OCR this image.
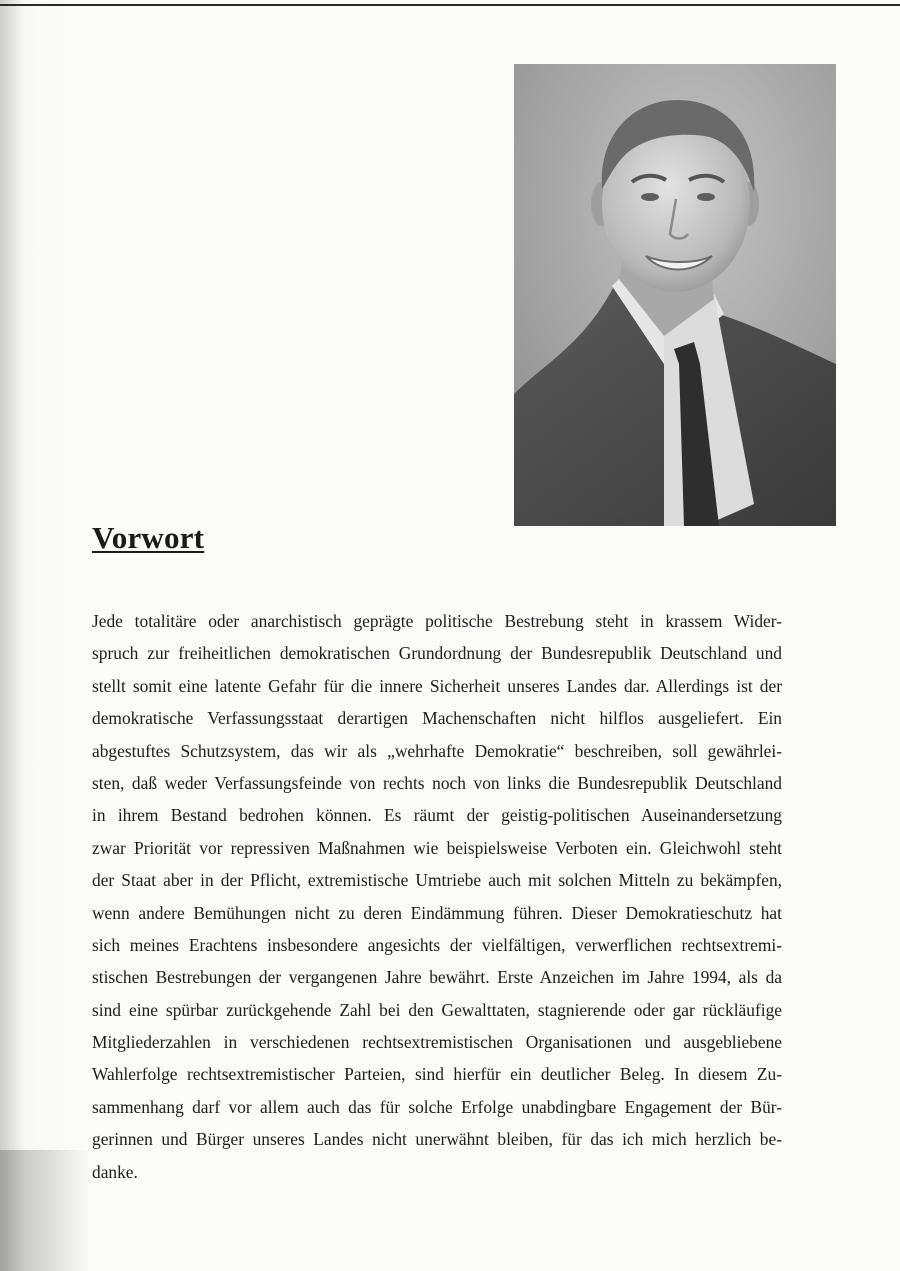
Vorwort
Jede totalitäre oder anarchistisch geprägte politische Bestrebung steht in krassem Wider-
spruch zur freiheitlichen demokratischen Grundordnung der Bundesrepublik Deutschland und
stellt somit eine latente Gefahr für die innere Sicherheit unseres Landes dar. Allerdings ist der
demokratische Verfassungsstaat derartigen Machenschaften nicht hilflos ausgeliefert. Ein
abgestuftes Schutzsystem, das wir als „wehrhafte Demokratie“ beschreiben, soll gewährlei-
sten, daß weder Verfassungsfeinde von rechts noch von links die Bundesrepublik Deutschland
in ihrem Bestand bedrohen können. Es räumt der geistig-politischen Auseinandersetzung
zwar Priorität vor repressiven Maßnahmen wie beispielsweise Verboten ein. Gleichwohl steht
der Staat aber in der Pflicht, extremistische Umtriebe auch mit solchen Mitteln zu bekämpfen,
wenn andere Bemühungen nicht zu deren Eindämmung führen. Dieser Demokratieschutz hat
sich meines Erachtens insbesondere angesichts der vielfältigen, verwerflichen rechtsextremi-
stischen Bestrebungen der vergangenen Jahre bewährt. Erste Anzeichen im Jahre 1994, als da
sind eine spürbar zurückgehende Zahl bei den Gewalttaten, stagnierende oder gar rückläufige
Mitgliederzahlen in verschiedenen rechtsextremistischen Organisationen und ausgebliebene
Wahlerfolge rechtsextremistischer Parteien, sind hierfür ein deutlicher Beleg. In diesem Zu-
sammenhang darf vor allem auch das für solche Erfolge unabdingbare Engagement der Bür-
gerinnen und Bürger unseres Landes nicht unerwähnt bleiben, für das ich mich herzlich be-
danke.
